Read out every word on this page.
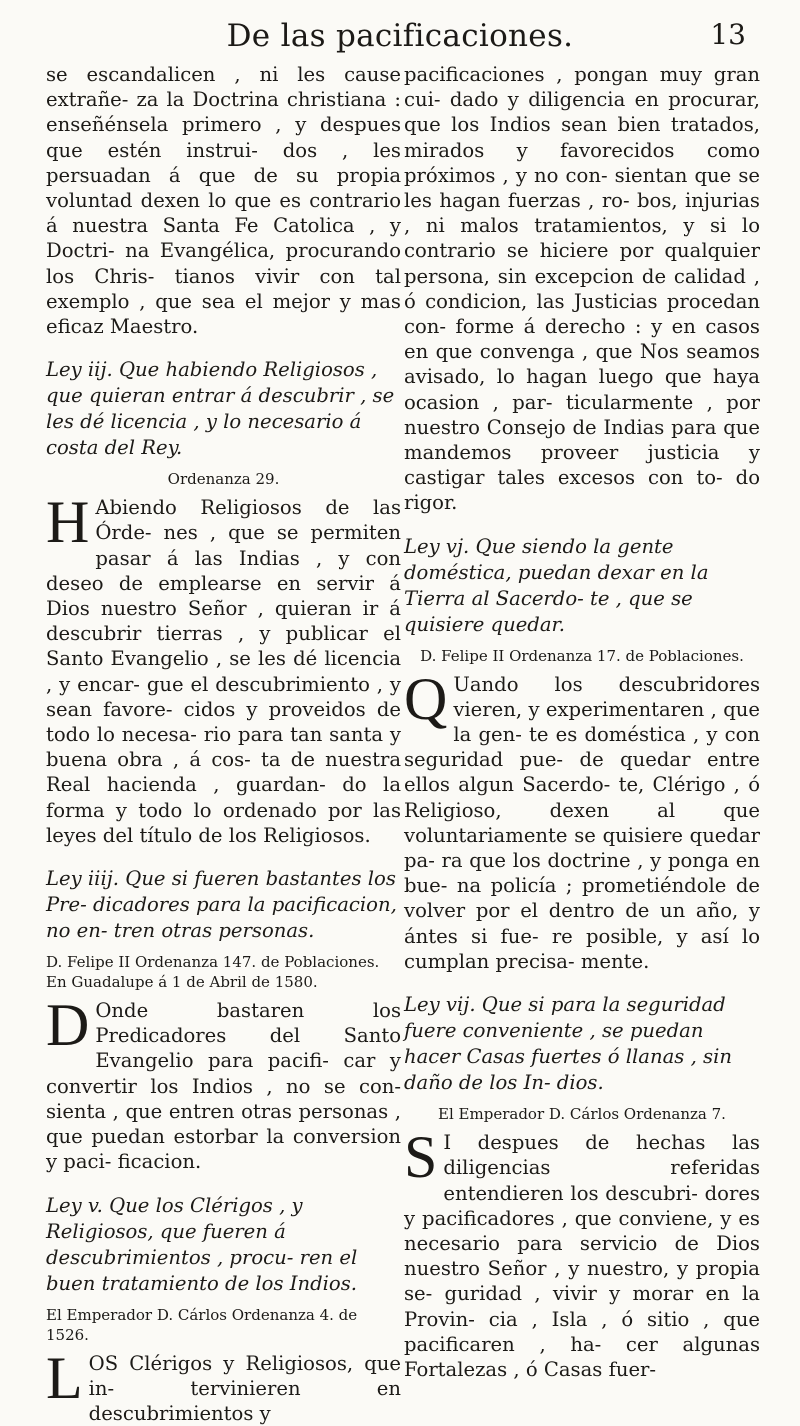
De las pacificaciones.	13

se escandalicen , ni les cause extrañe- za la Doctrina christiana : enseñénsela primero , y despues que estén instrui- dos , les persuadan á que de su propia voluntad dexen lo que es contrario á nuestra Santa Fe Catolica , y Doctri- na Evangélica, procurando los Chris- tianos vivir con tal exemplo , que sea el mejor y mas eficaz Maestro.

Ley iij. Que habiendo Religiosos , que quieran entrar á descubrir , se les dé licencia , y lo necesario á costa del Rey.
Ordenanza 29.

H Abiendo Religiosos de las Órde- nes , que se permiten pasar á las Indias , y con deseo de emplearse en servir á Dios nuestro Señor , quieran ir á descubrir tierras , y publicar el Santo Evangelio , se les dé licencia , y encar- gue el descubrimiento , y sean favore- cidos y proveidos de todo lo necesa- rio para tan santa y buena obra , á cos- ta de nuestra Real hacienda , guardan- do la forma y todo lo ordenado por las leyes del título de los Religiosos.

Ley iiij. Que si fueren bastantes los Pre- dicadores para la pacificacion, no en- tren otras personas.
D. Felipe II Ordenanza 147. de Poblaciones. En Guadalupe á 1 de Abril de 1580.

D Onde bastaren los Predicadores del Santo Evangelio para pacifi- car y convertir los Indios , no se con- sienta , que entren otras personas , que puedan estorbar la conversion y paci- ficacion.

Ley v. Que los Clérigos , y Religiosos, que fueren á descubrimientos , procu- ren el buen tratamiento de los Indios.
El Emperador D. Cárlos Ordenanza 4. de 1526.

LOS Clérigos y Religiosos, que in- tervinieren en descubrimientos y

pacificaciones , pongan muy gran cui- dado y diligencia en procurar, que los Indios sean bien tratados, mirados y favorecidos como próximos , y no con- sientan que se les hagan fuerzas , ro- bos, injurias , ni malos tratamientos, y si lo contrario se hiciere por qualquier persona, sin excepcion de calidad , ó condicion, las Justicias procedan con- forme á derecho : y en casos en que convenga , que Nos seamos avisado, lo hagan luego que haya ocasion , par- ticularmente , por nuestro Consejo de Indias para que mandemos proveer justicia y castigar tales excesos con to- do rigor.

Ley vj. Que siendo la gente doméstica, puedan dexar en la Tierra al Sacerdo- te , que se quisiere quedar.
D. Felipe II Ordenanza 17. de Poblaciones.

Q Uando los descubridores vieren, y experimentaren , que la gen- te es doméstica , y con seguridad pue- de quedar entre ellos algun Sacerdo- te, Clérigo , ó Religioso, dexen al que voluntariamente se quisiere quedar pa- ra que los doctrine , y ponga en bue- na policía ; prometiéndole de volver por el dentro de un año, y ántes si fue- re posible, y así lo cumplan precisa- mente.

Ley vij. Que si para la seguridad fuere conveniente , se puedan hacer Casas fuertes ó llanas , sin daño de los In- dios.
El Emperador D. Cárlos Ordenanza 7.

S I despues de hechas las diligencias referidas entendieren los descubri- dores y pacificadores , que conviene, y es necesario para servicio de Dios nuestro Señor , y nuestro, y propia se- guridad , vivir y morar en la Provin- cia , Isla , ó sitio , que pacificaren , ha- cer algunas Fortalezas , ó Casas fuer-
